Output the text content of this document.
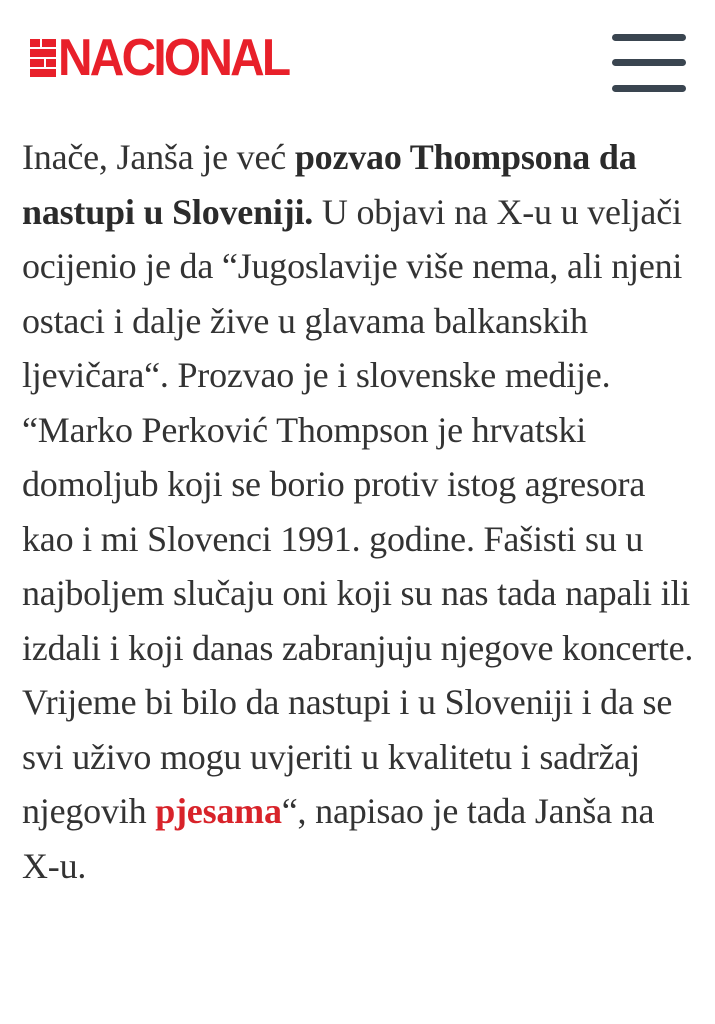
NACIONAL

Inače, Janša je već pozvao Thompsona da nastupi u Sloveniji. U objavi na X-u u veljači ocijenio je da “Jugoslavije više nema, ali njeni ostaci i dalje žive u glavama balkanskih ljevičara“. Prozvao je i slovenske medije.

“Marko Perković Thompson je hrvatski domoljub koji se borio protiv istog agresora kao i mi Slovenci 1991. godine. Fašisti su u najboljem slučaju oni koji su nas tada napali ili izdali i koji danas zabranjuju njegove koncerte. Vrijeme bi bilo da nastupi i u Sloveniji i da se svi uživo mogu uvjeriti u kvalitetu i sadržaj njegovih pjesama“, napisao je tada Janša na X-u.
